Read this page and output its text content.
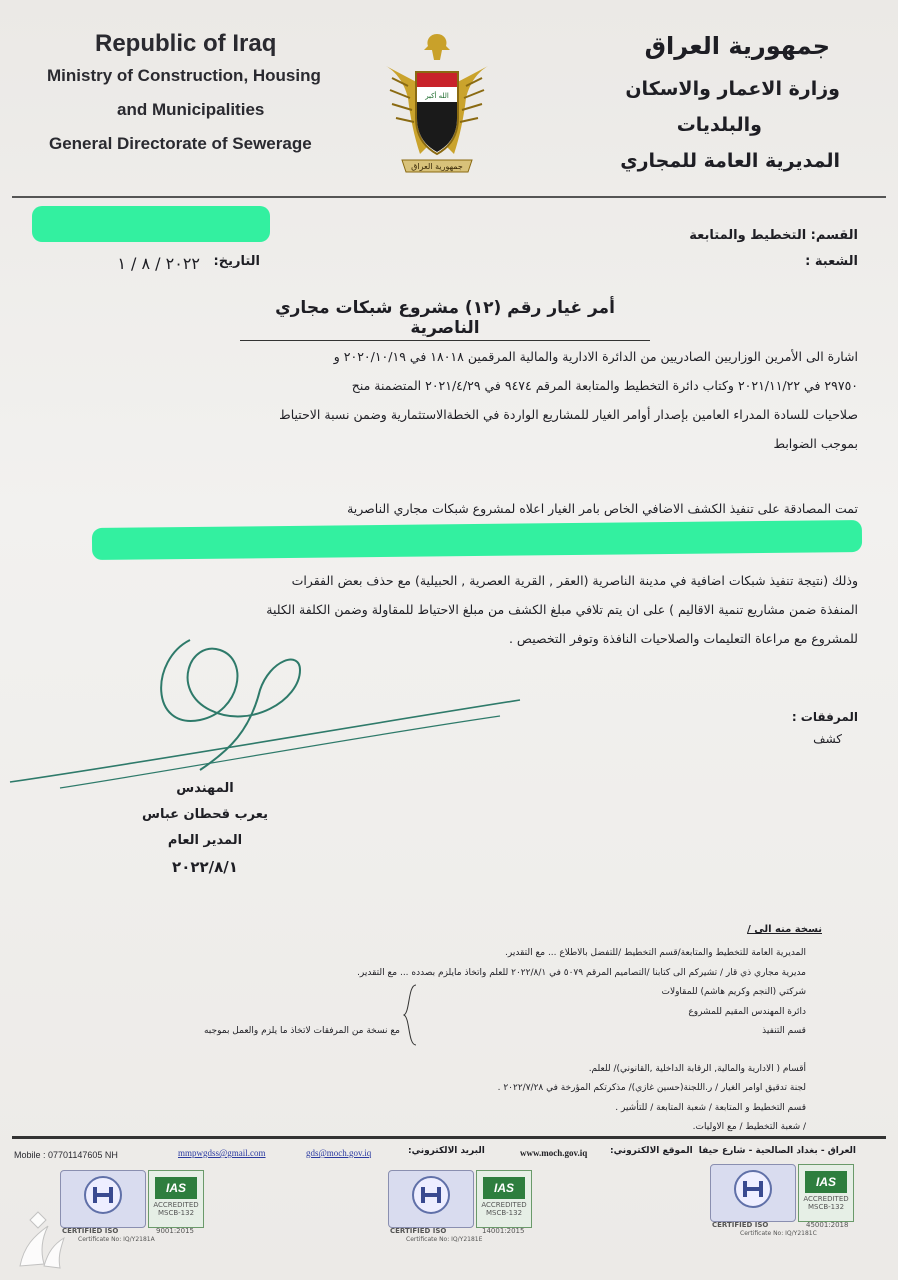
Republic of Iraq
Ministry of Construction, Housing
and Municipalities
General Directorate of Sewerage
الله أكبر
جمهورية العراق
جمهورية العراق
وزارة الاعمار والاسكان
والبلديات
المديرية العامة للمجاري
القسم: التخطيط والمتابعة
الشعبة :
التاريخ:
٢٠٢٢ / ٨ / ١
أمر غيار رقم (١٢) مشروع شبكات مجاري الناصرية
اشارة الى الأمرين الوزاريين الصادريين من الدائرة الادارية والمالية المرقمين ١٨٠١٨ في ٢٠٢٠/١٠/١٩ و
٢٩٧٥٠ في ٢٠٢١/١١/٢٢ وكتاب دائرة التخطيط والمتابعة المرقم ٩٤٧٤ في ٢٠٢١/٤/٢٩ المتضمنة منح
صلاحيات للسادة المدراء العامين بإصدار أوامر الغيار للمشاريع الواردة في الخطةالاستثمارية وضمن نسبة الاحتياط
بموجب الضوابط
تمت المصادقة على تنفيذ الكشف الاضافي الخاص بامر الغيار اعلاه لمشروع شبكات مجاري الناصرية
وذلك (نتيجة تنفيذ شبكات اضافية في مدينة الناصرية (العقر , القرية العصرية , الحبيلية) مع حذف بعض الفقرات
المنفذة ضمن مشاريع تنمية الاقاليم ) على ان يتم تلافي مبلغ الكشف من مبلغ الاحتياط للمقاولة وضمن الكلفة الكلية
للمشروع مع مراعاة التعليمات والصلاحيات النافذة وتوفر التخصيص .
المرفقات :
كشف
المهندس
يعرب قحطان عباس
المدير العام
٢٠٢٢/٨/١
نسخة منه الى /
المديرية العامة للتخطيط والمتابعة/قسم التخطيط /للتفضل بالاطلاع ... مع التقدير.
مديرية مجاري ذي قار / تشيركم الى كتابنا /التصاميم المرقم ٥٠٧٩ في ٢٠٢٢/٨/١ للعلم واتخاذ مايلزم بصدده ... مع التقدير.
شركتي (النجم وكريم هاشم) للمقاولات
دائرة المهندس المقيم للمشروع
قسم التنفيذ
أقسام ( الادارية والمالية, الرقابة الداخلية ,القانوني)/ للعلم.
لجنة تدقيق اوامر الغيار / ر.اللجنة(حسين غازي)/ مذكرتكم المؤرخة في ٢٠٢٢/٧/٢٨ .
قسم التخطيط و المتابعة / شعبة المتابعة / للتأشير .
/ شعبة التخطيط / مع الاوليات.
مع نسخة من المرفقات لاتخاذ ما يلزم والعمل بموجبه
Mobile : 07701147605 NH	mmpwgdss@gmail.com	gds@moch.gov.iq	البريد الالكتروني:	www.moch.gov.iq	الموقع الالكتروني: العراق - بغداد الصالحية - شارع حيفا
IAS
ACCREDITED
MSCB-132
CERTIFIED ISO	9001:2015
Certificate No: IQ/Y2181A
IAS
ACCREDITED
MSCB-132
CERTIFIED ISO	14001:2015
Certificate No: IQ/Y2181E
IAS
ACCREDITED
MSCB-132
CERTIFIED ISO	45001:2018
Certificate No: IQ/Y2181C
